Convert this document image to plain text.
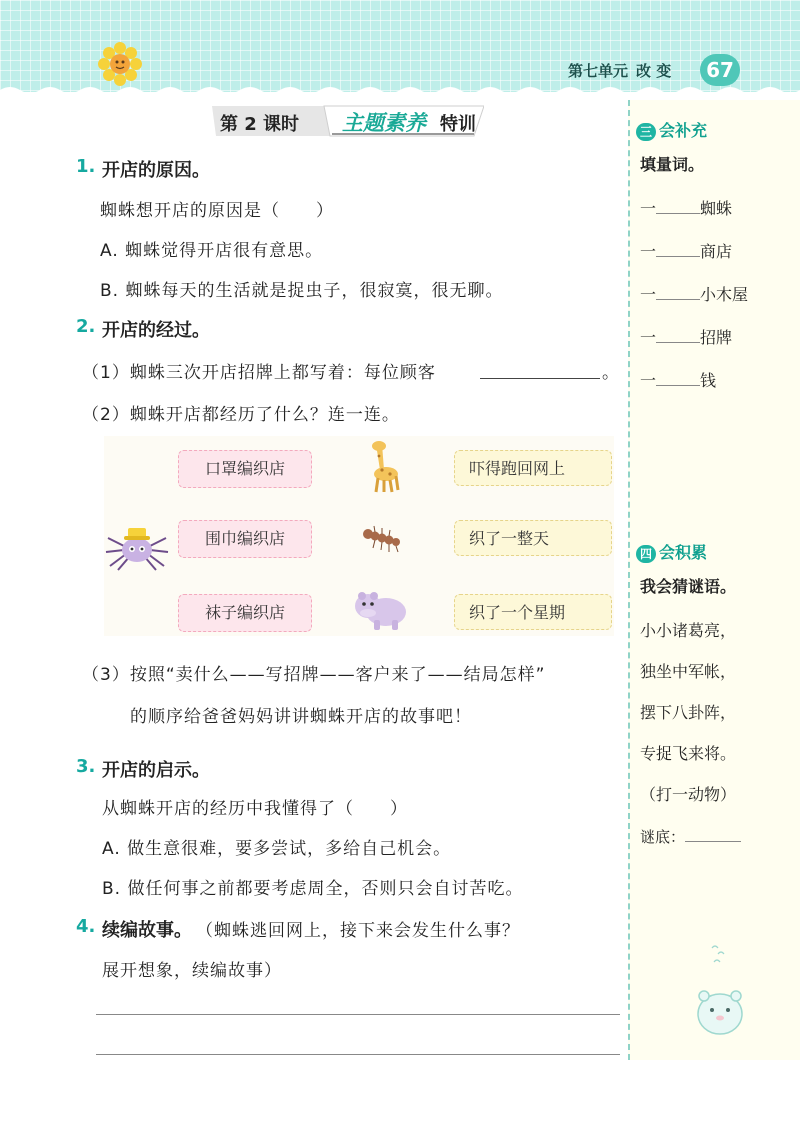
第七单元 改 变	67
第 2 课时 主题素养 特训
1. 开店的原因。
蜘蛛想开店的原因是（　　）
A. 蜘蛛觉得开店很有意思。
B. 蜘蛛每天的生活就是捉虫子，很寂寞，很无聊。
2. 开店的经过。
（1）蜘蛛三次开店招牌上都写着：每位顾客	。
（2）蜘蛛开店都经历了什么？连一连。
口罩编织店
围巾编织店
袜子编织店
吓得跑回网上
织了一整天
织了一个星期
（3）按照“卖什么——写招牌——客户来了——结局怎样”
的顺序给爸爸妈妈讲讲蜘蛛开店的故事吧！
3. 开店的启示。
从蜘蛛开店的经历中我懂得了（　　）
A. 做生意很难，要多尝试，多给自己机会。
B. 做任何事之前都要考虑周全，否则只会自讨苦吃。
4. 续编故事。 （蜘蛛逃回网上，接下来会发生什么事？
展开想象，续编故事）
三 会补充
填量词。
一	蜘蛛
一	商店
一	小木屋
一	招牌
一	钱
四 会积累
我会猜谜语。
小小诸葛亮，
独坐中军帐，
摆下八卦阵，
专捉飞来将。
（打一动物）
谜底：
